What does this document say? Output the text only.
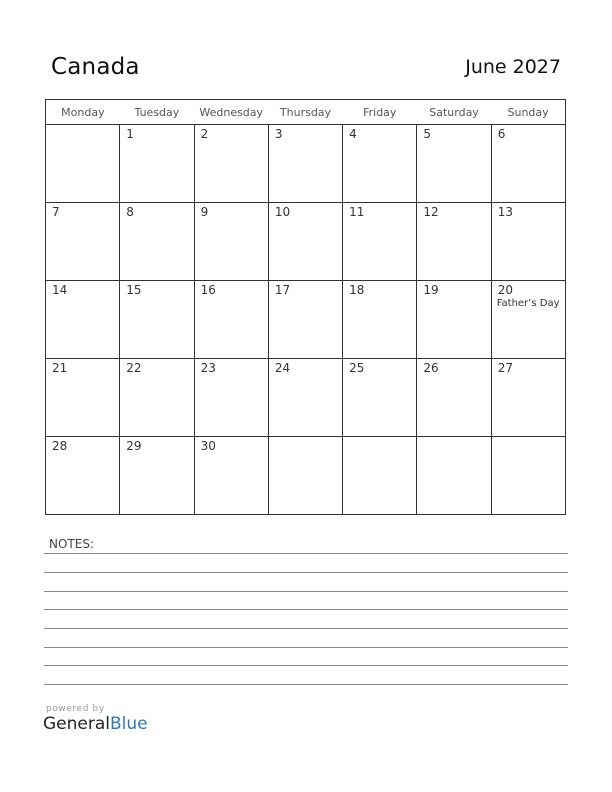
Canada	June 2027
Monday	Tuesday	Wednesday	Thursday	Friday	Saturday	Sunday

	1	2	3	4	5	6

7	8	9	10	11	12	13

14	15	16	17	18	19	20
Father’s Day

21	22	23	24	25	26	27

28	29	30				

NOTES:
powered by
GeneralBlue
